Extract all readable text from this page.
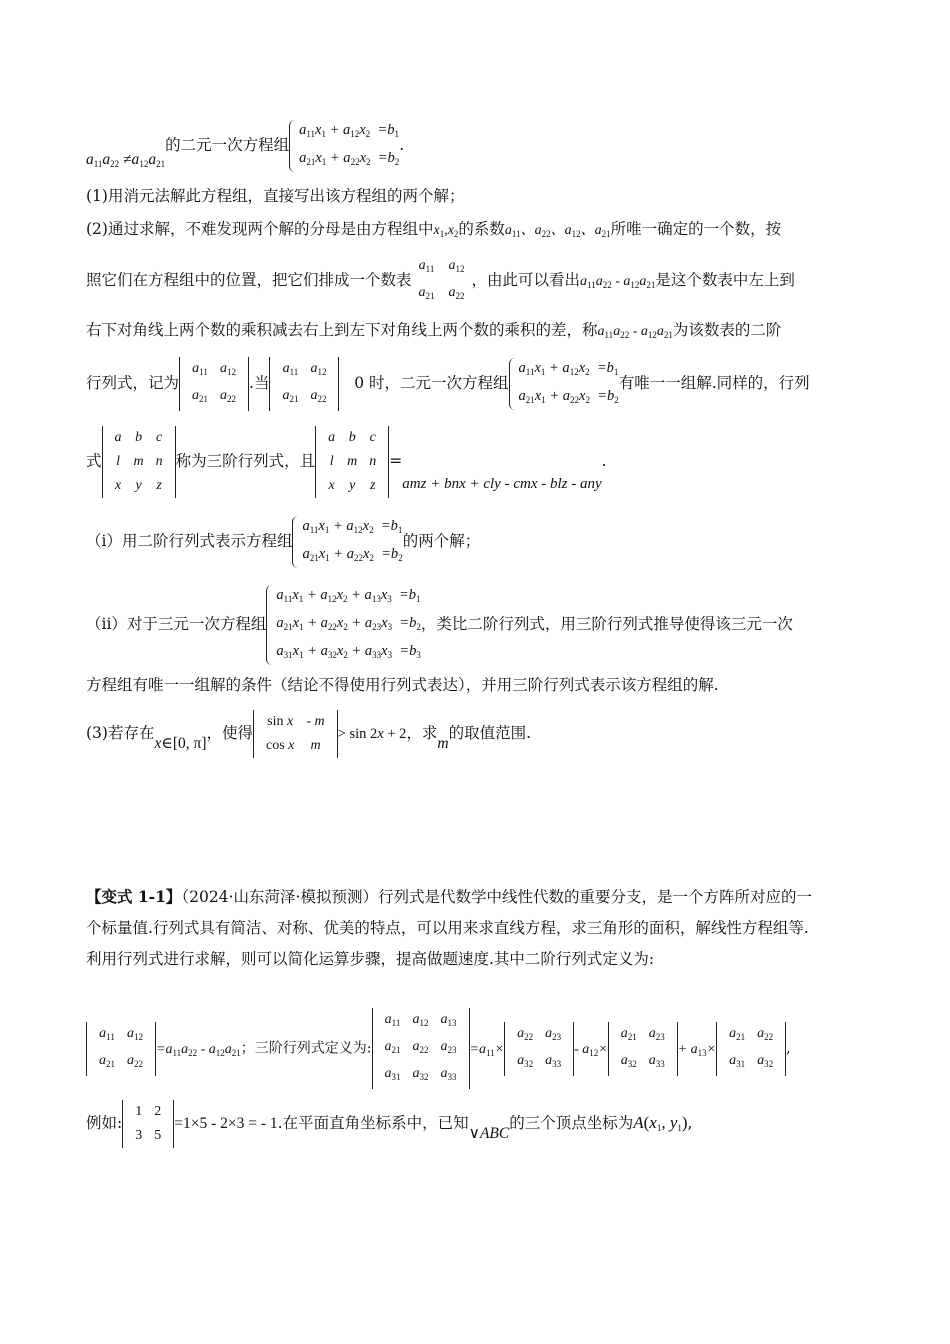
$a_{11}a_{22} \ne a_{12}a_{21}$的二元一次方程组
$a_{11}x_1 + a_{12}x_2 =b_1$
$a_{21}x_1 + a_{22}x_2 =b_2$
.
(1)用消元法解此方程组，直接写出该方程组的两个解；
(2)通过求解，不难发现两个解的分母是由方程组中$x_1,x_2$的系数$a_{11}$、$a_{22}$、$a_{12}$、$a_{21}$所唯一确定的一个数，按
照它们在方程组中的位置，把它们排成一个数表
$a_{11}$	$a_{12}$
$a_{21}$	$a_{22}$
，由此可以看出$a_{11}a_{22} - a_{12}a_{21}$是这个数表中左上到
右下对角线上两个数的乘积减去右上到左下对角线上两个数的乘积的差，称$a_{11}a_{22} - a_{12}a_{21}$为该数表的二阶
行列式，记为
$a_{11}$	$a_{12}$
$a_{21}$	$a_{22}$
.当
$a_{11}$	$a_{12}$
$a_{21}$	$a_{22}$
0 时，二元一次方程组
$a_{11}x_1 + a_{12}x_2 =b_1$
$a_{21}x_1 + a_{22}x_2 =b_2$
有唯一一组解.同样的，行列
式
a	b	c
l	m	n
x	y	z
称为三阶行列式，且
a	b	c
l	m	n
x	y	z
=amz + bnx + cly - cmx - blz - any.
（i）用二阶行列式表示方程组
$a_{11}x_1 + a_{12}x_2 =b_1$
$a_{21}x_1 + a_{22}x_2 =b_2$
的两个解；
（ii）对于三元一次方程组
$a_{11}x_1 + a_{12}x_2 + a_{13}x_3 =b_1$
$a_{21}x_1 + a_{22}x_2 + a_{23}x_3 =b_2$
$a_{31}x_1 + a_{32}x_2 + a_{33}x_3 =b_3$
，类比二阶行列式，用三阶行列式推导使得该三元一次
方程组有唯一一组解的条件（结论不得使用行列式表达），并用三阶行列式表示该方程组的解.
(3)若存在x∈[0, π]，使得
sin x	- m
cos x	m
> sin 2x + 2，求m的取值范围.
【变式 1-1】（2024·山东菏泽·模拟预测）行列式是代数学中线性代数的重要分支，是一个方阵所对应的一
个标量值.行列式具有简洁、对称、优美的特点，可以用来求直线方程，求三角形的面积，解线性方程组等.
利用行列式进行求解，则可以简化运算步骤，提高做题速度.其中二阶行列式定义为:
$a_{11}$	$a_{12}$
$a_{21}$	$a_{22}$
$=a_{11}a_{22} - a_{12}a_{21}$；三阶行列式定义为:
$a_{11}$	$a_{12}$	$a_{13}$
$a_{21}$	$a_{22}$	$a_{23}$
$a_{31}$	$a_{32}$	$a_{33}$
$=a_{11}\times$
$a_{22}$	$a_{23}$
$a_{32}$	$a_{33}$
- $a_{12}\times$
$a_{21}$	$a_{23}$
$a_{32}$	$a_{33}$
+ $a_{13}\times$
$a_{21}$	$a_{22}$
$a_{31}$	$a_{32}$
,
例如:
1	2
3	5
=1×5 - 2×3 = - 1.在平面直角坐标系中，已知∨ABC的三个顶点坐标为$A(x_1$, $y_1$),
